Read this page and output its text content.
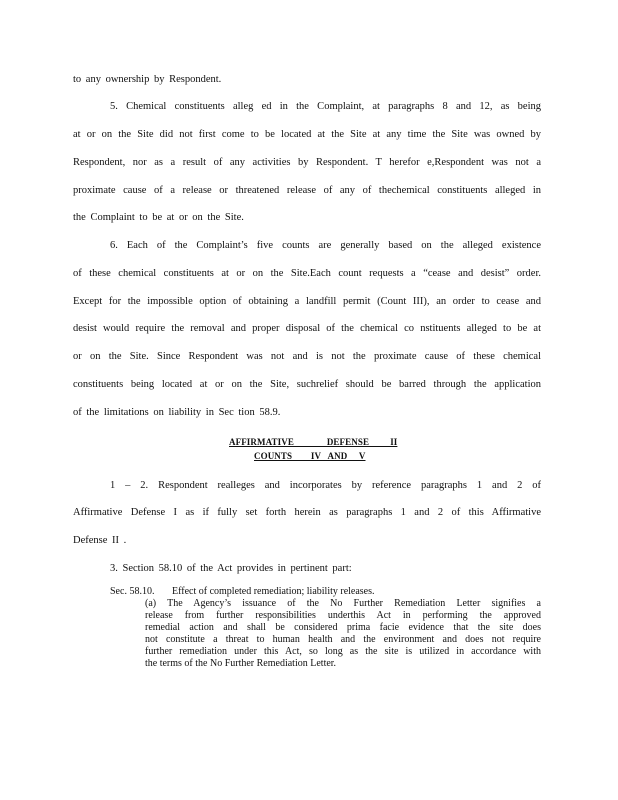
to any ownership by Respondent.
5. Chemical constituents alleg ed in the Complaint, at paragraphs 8 and 12, as being
at or on the Site did not first come to be located at the Site at any time the Site was owned by
Respondent, nor as a result of any activities by Respondent. T herefor e,Respondent was not a
proximate cause of a release or threatened release of any of thechemical constituents alleged in
the Complaint to be at or on the Site.
6. Each of the Complaint’s five counts are generally based on the alleged existence
of these chemical constituents at or on the Site.Each count requests a “cease and desist” order.
Except for the impossible option of obtaining a landfill permit (Count III), an order to cease and
desist would require the removal and proper disposal of the chemical co nstituents alleged to be at
or on the Site. Since Respondent was not and is not the proximate cause of these chemical
constituents being located at or on the Site, suchrelief should be barred through the application
of the limitations on liability in Sec tion 58.9.
AFFIRMATIVE              DEFENSE         II
COUNTS        IV   AND     V
1 – 2. Respondent realleges and incorporates by reference paragraphs 1 and 2 of
Affirmative Defense I as if fully set forth herein as paragraphs 1 and 2 of this Affirmative
Defense II .
3. Section 58.10 of the Act provides in pertinent part:
Sec. 58.10. Effect of completed remediation; liability releases.
(a) The Agency’s issuance of the No Further Remediation Letter signifies a
release from further responsibilities underthis Act in performing the approved
remedial action and shall be considered prima facie evidence that the site does
not constitute a threat to human health and the environment and does not require
further remediation under this Act, so long as the site is utilized in accordance with
the terms of the No Further Remediation Letter.
